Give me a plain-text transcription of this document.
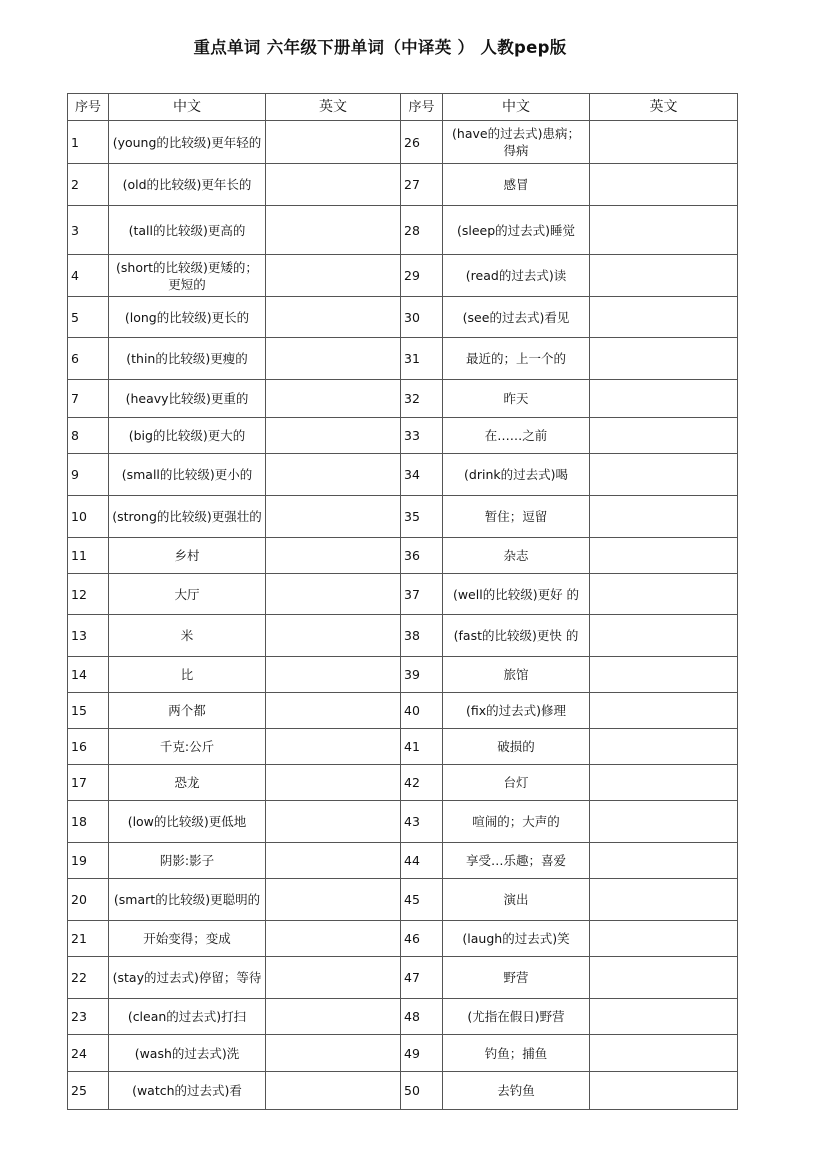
重点单词 六年级下册单词（中译英 ） 人教pep版
序号	中文	英文	序号	中文	英文
1	(young的比较级)更年轻的		26	(have的过去式)患病；得病	
2	(old的比较级)更年长的		27	感冒	
3	(tall的比较级)更高的		28	(sleep的过去式)睡觉	
4	(short的比较级)更矮的；更短的		29	(read的过去式)读	
5	(long的比较级)更长的		30	(see的过去式)看见	
6	(thin的比较级)更瘦的		31	最近的；上一个的	
7	(heavy比较级)更重的		32	昨天	
8	(big的比较级)更大的		33	在……之前	
9	(small的比较级)更小的		34	(drink的过去式)喝	
10	(strong的比较级)更强壮的		35	暂住；逗留	
11	乡村		36	杂志	
12	大厅		37	(well的比较级)更好 的	
13	米		38	(fast的比较级)更快 的	
14	比		39	旅馆	
15	两个都		40	(fix的过去式)修理	
16	千克:公斤		41	破损的	
17	恐龙		42	台灯	
18	(low的比较级)更低地		43	喧闹的；大声的	
19	阴影:影子		44	享受…乐趣；喜爱	
20	(smart的比较级)更聪明的		45	演出	
21	开始变得；变成		46	(laugh的过去式)笑	
22	(stay的过去式)停留；等待		47	野营	
23	(clean的过去式)打扫		48	(尤指在假日)野营	
24	(wash的过去式)洗		49	钓鱼；捕鱼	
25	(watch的过去式)看		50	去钓鱼	
